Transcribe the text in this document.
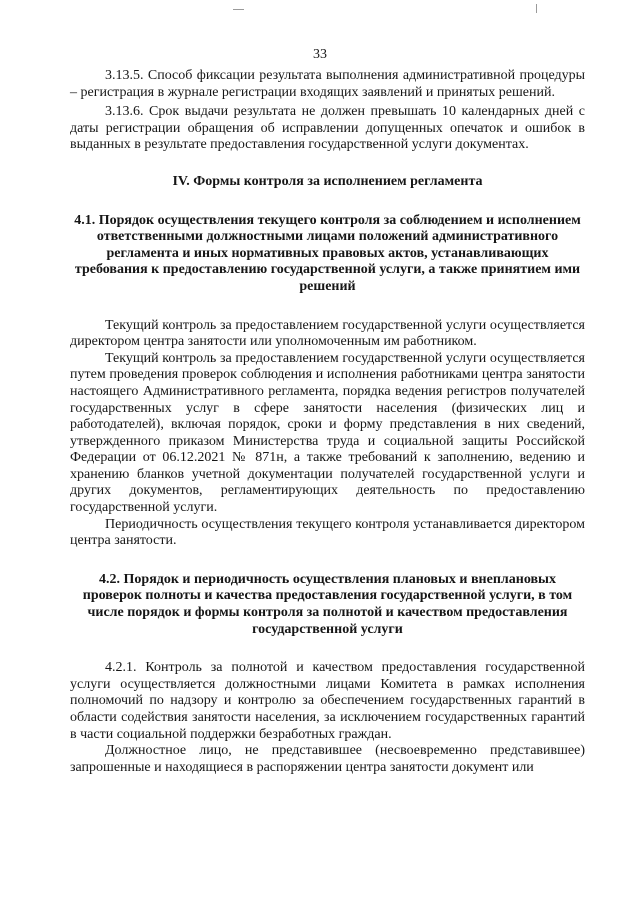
33

3.13.5. Способ фиксации результата выполнения административной процедуры – регистрация в журнале регистрации входящих заявлений и принятых решений.

3.13.6. Срок выдачи результата не должен превышать 10 календарных дней с даты регистрации обращения об исправлении допущенных опечаток и ошибок в выданных в результате предоставления государственной услуги документах.

IV. Формы контроля за исполнением регламента

4.1. Порядок осуществления текущего контроля за соблюдением и исполнением ответственными должностными лицами положений административного регламента и иных нормативных правовых актов, устанавливающих требования к предоставлению государственной услуги, а также принятием ими решений

Текущий контроль за предоставлением государственной услуги осуществляется директором центра занятости или уполномоченным им работником.

Текущий контроль за предоставлением государственной услуги осуществляется путем проведения проверок соблюдения и исполнения работниками центра занятости настоящего Административного регламента, порядка ведения регистров получателей государственных услуг в сфере занятости населения (физических лиц и работодателей), включая порядок, сроки и форму представления в них сведений, утвержденного приказом Министерства труда и социальной защиты Российской Федерации от 06.12.2021 № 871н, а также требований к заполнению, ведению и хранению бланков учетной документации получателей государственной услуги и других документов, регламентирующих деятельность по предоставлению государственной услуги.

Периодичность осуществления текущего контроля устанавливается директором центра занятости.

4.2. Порядок и периодичность осуществления плановых и внеплановых проверок полноты и качества предоставления государственной услуги, в том числе порядок и формы контроля за полнотой и качеством предоставления государственной услуги

4.2.1. Контроль за полнотой и качеством предоставления государственной услуги осуществляется должностными лицами Комитета в рамках исполнения полномочий по надзору и контролю за обеспечением государственных гарантий в области содействия занятости населения, за исключением государственных гарантий в части социальной поддержки безработных граждан.

Должностное лицо, не представившее (несвоевременно представившее) запрошенные и находящиеся в распоряжении центра занятости документ или
